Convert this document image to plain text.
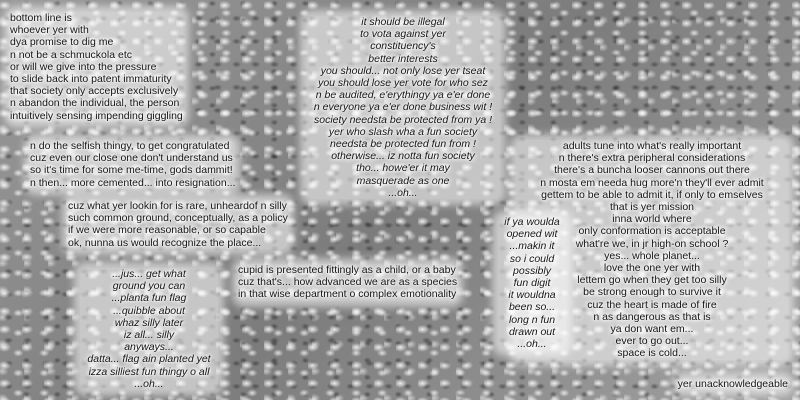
bottom line is
whoever yer with
dya promise to dig me
n not be a schmuckola etc
or will we give into the pressure
to slide back into patent immaturity
that society only accepts exclusively
n abandon the individual, the person
intuitively sensing impending giggling
n do the selfish thingy, to get congratulated
cuz even our close one don't understand us
so it's time for some me-time, gods dammit!
n then... more cemented... into resignation...
cuz what yer lookin for is rare, unheardof n silly
such common ground, conceptually, as a policy
if we were more reasonable, or so capable
ok, nunna us would recognize the place...
it should be illegal
to vota against yer
constituency's
better interests
you should... not only lose yer tseat
you should lose yer vote for who sez
n be audited, e'erythingy ya e'er done
n everyone ya e'er done business wit !
society needsta be protected from ya !
yer who slash wha a fun society
needsta be protected fun from !
otherwise... iz notta fun society
tho... howe'er it may
masquerade as one
...oh...
adults tune into what's really important
n there's extra peripheral considerations
there's a buncha looser cannons out there
n mosta em needa hug more'n they'll ever admit
gettem to be able to admit it, if only to emselves
that is yer mission
inna world where
only conformation is acceptable
what're we, in jr high-on school ?
yes... whole planet...
love the one yer with
lettem go when they get too silly
be strong enough to survive it
cuz the heart is made of fire
n as dangerous as that is
ya don want em...
ever to go out...
space is cold...
if ya woulda
opened wit
...makin it
so i could
possibly
fun digit
it wouldna
been so...
long n fun
drawn out
...oh...
...jus... get what
ground you can
...planta fun flag
...quibble about
whaz silly later
iz all... silly
anyways...
datta... flag ain planted yet
izza silliest fun thingy o all
...oh...
cupid is presented fittingly as a child, or a baby
cuz that's... how advanced we are as a species
in that wise department o complex emotionality
yer unacknowledgeable
